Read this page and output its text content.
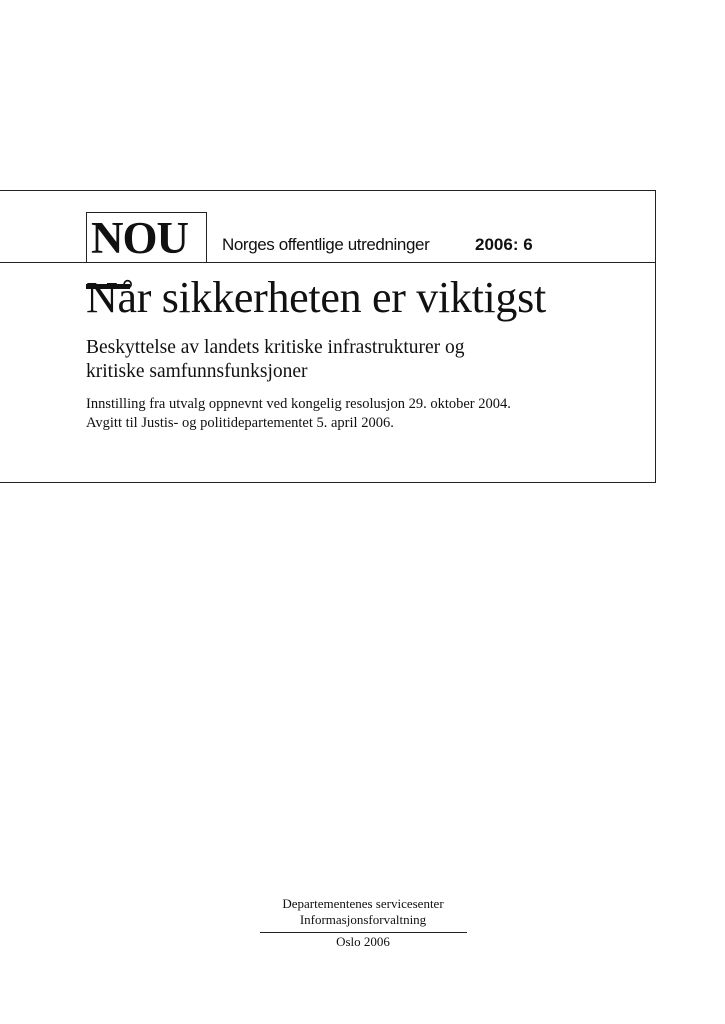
NOU Norges offentlige utredninger	2006: 6
Når sikkerheten er viktigst
Beskyttelse av landets kritiske infrastrukturer og
kritiske samfunnsfunksjoner
Innstilling fra utvalg oppnevnt ved kongelig resolusjon 29. oktober 2004.
Avgitt til Justis- og politidepartementet 5. april 2006.
Departementenes servicesenter
Informasjonsforvaltning
Oslo 2006
